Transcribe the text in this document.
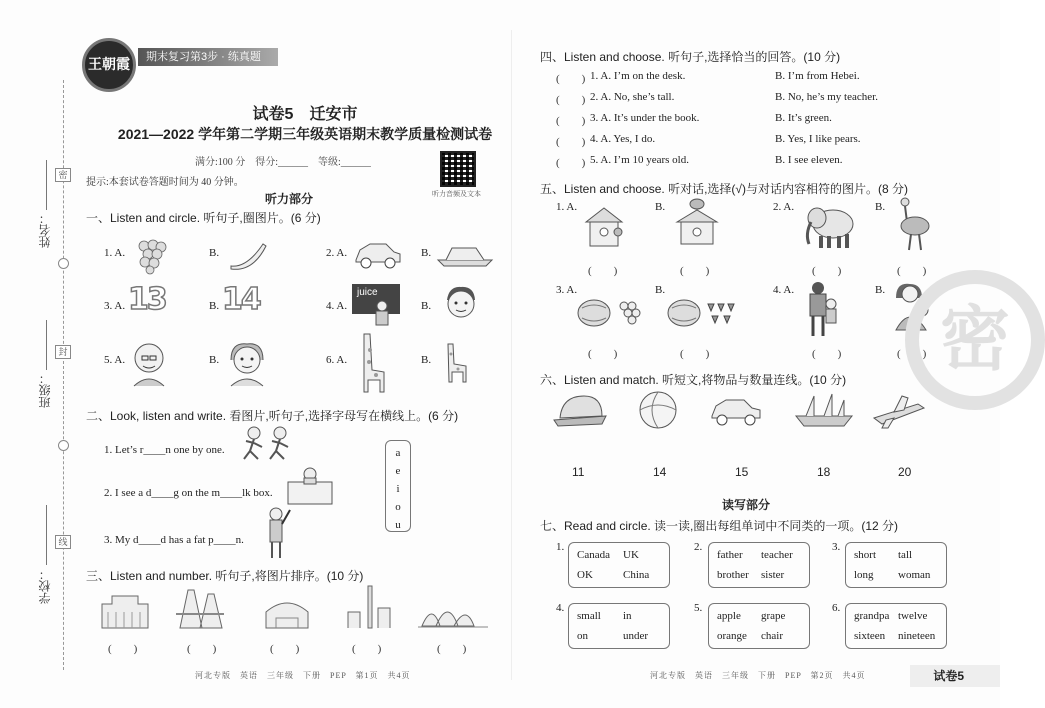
密
封
线
姓名：
班级：
学校：
王朝霞
期末复习第3步 · 练真题
试卷5　迁安市
2021—2022 学年第二学期三年级英语期末教学质量检测试卷
满分:100 分　得分:______　等级:______
提示:本套试卷答题时间为 40 分钟。
听力音频及文本
听力部分
一、Listen and circle. 听句子,圈图片。(6 分)
1. A.	B.	2. A.	B.
3. A. 13	B. 14	4. A.
juice
B.
5. A.	B.	6. A.	B.
二、Look, listen and write. 看图片,听句子,选择字母写在横线上。(6 分)
1. Let’s r____n one by one.
2. I see a d____g on the m____lk box.
3. My d____d has a fat p____n.
a
e
i
o
u
三、Listen and number. 听句子,将图片排序。(10 分)
(　　)	(　　)	(　　)	(　　)	(　　)
河北专版　英语　三年级　下册　PEP　第1页　共4页
四、Listen and choose. 听句子,选择恰当的回答。(10 分)
(　　) 1. A. I’m on the desk.	B. I’m from Hebei.
(　　) 2. A. No, she’s tall.	B. No, he’s my teacher.
(　　) 3. A. It’s under the book.	B. It’s green.
(　　) 4. A. Yes, I do.	B. Yes, I like pears.
(　　) 5. A. I’m 10 years old.	B. I see eleven.
五、Listen and choose. 听对话,选择(√)与对话内容相符的图片。(8 分)
1. A.	B.	2. A.	B.
(　　)	(　　)	(　　)	(　　)
3. A.	B.	4. A.	B.
(　　)	(　　)	(　　)	(　　)
六、Listen and match. 听短文,将物品与数量连线。(10 分)
11	14	15	18	20
读写部分
七、Read and circle. 读一读,圈出每组单词中不同类的一项。(12 分)
1.
Canada UK
OK	China
2.
father teacher
brother sister
3.
short tall
long woman
4.
small in
on	under
5.
apple grape
orange chair
6.
grandpa twelve
sixteen nineteen
密
河北专版　英语　三年级　下册　PEP　第2页　共4页	试卷5
